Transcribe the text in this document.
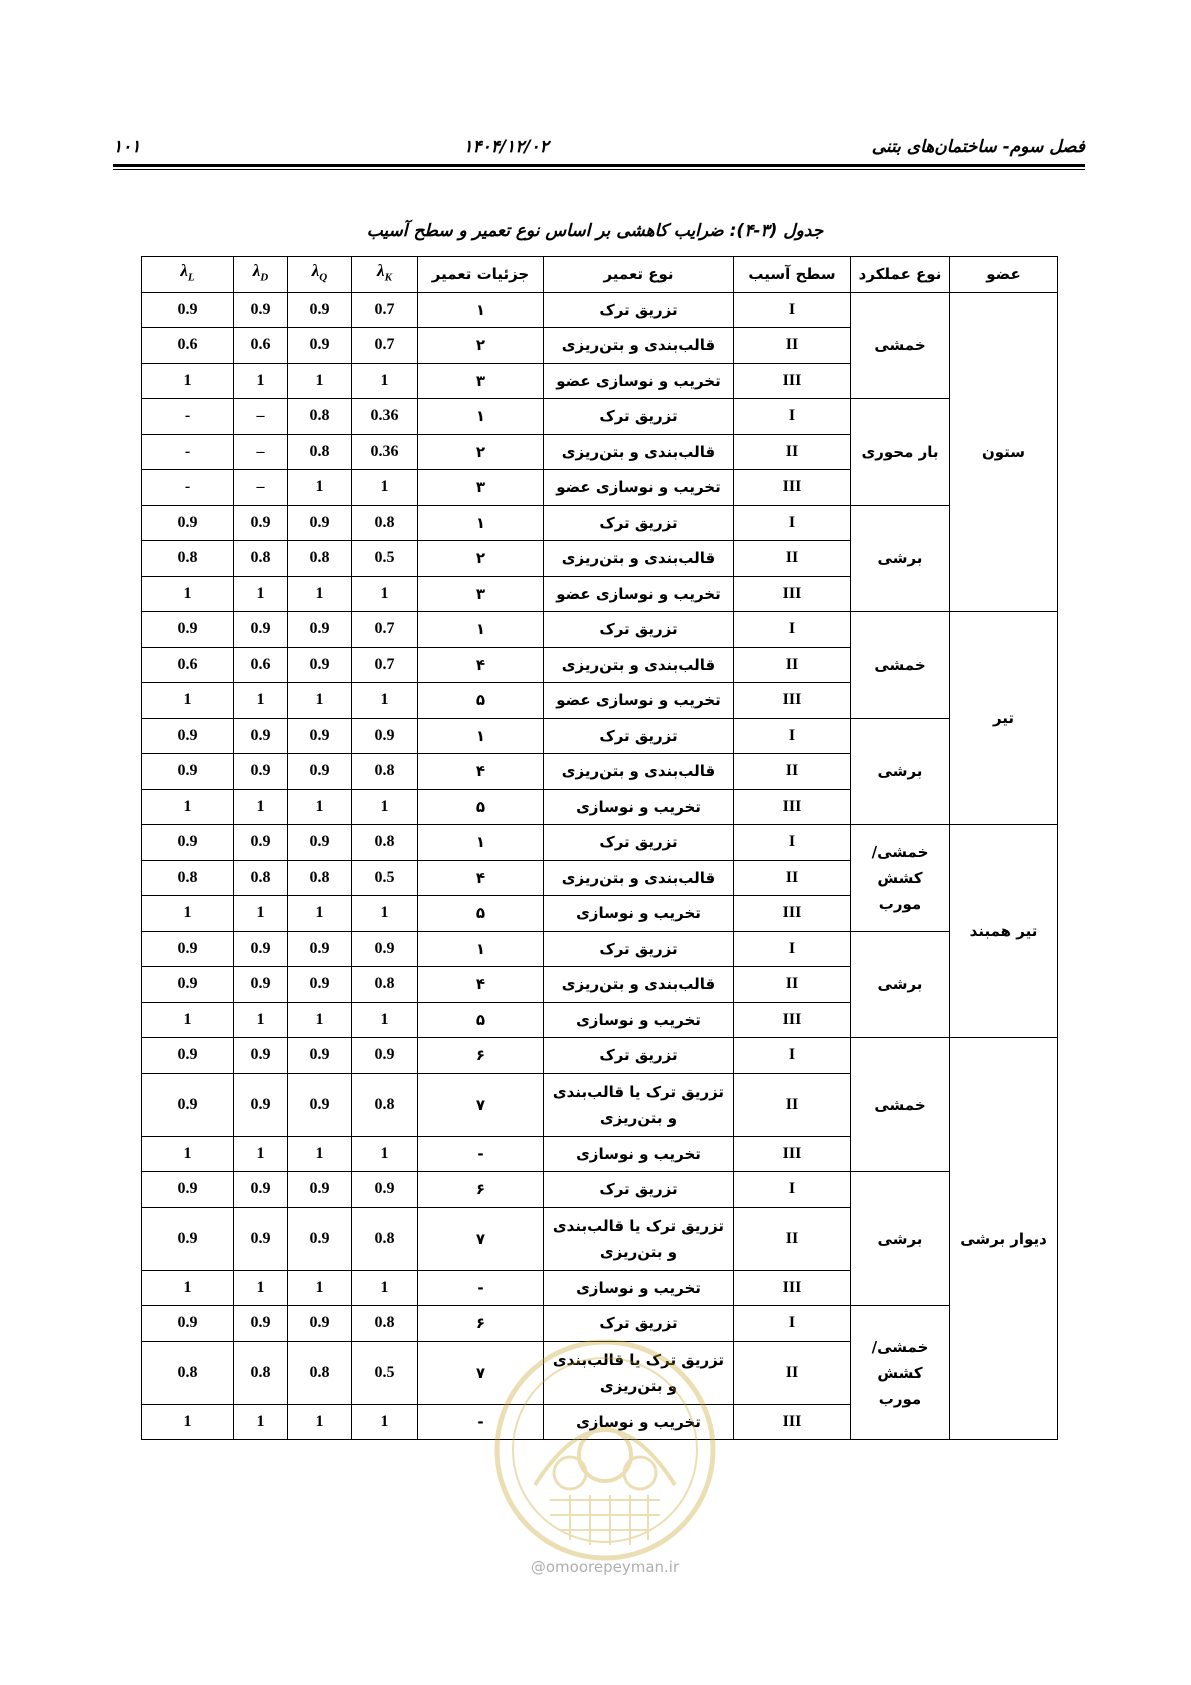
فصل سوم- ساختمان‌های بتنی
۱۴۰۴/۱۲/۰۲
۱۰۱
جدول (۳-۴): ضرایب کاهشی بر اساس نوع تعمیر و سطح آسیب
عضو	نوع عملکرد	سطح آسیب	نوع تعمیر	جزئیات تعمیر	$\lambda_K$	$\lambda_Q$	$\lambda_D$	$\lambda_L$
ستون	خمشی	I	تزریق ترک	۱	0.7	0.9	0.9	0.9
		II	قالب‌بندی و بتن‌ریزی	۲	0.7	0.9	0.6	0.6
		III	تخریب و نوسازی عضو	۳	1	1	1	1
	بار محوری	I	تزریق ترک	۱	0.36	0.8	–	-
		II	قالب‌بندی و بتن‌ریزی	۲	0.36	0.8	–	-
		III	تخریب و نوسازی عضو	۳	1	1	–	-
	برشی	I	تزریق ترک	۱	0.8	0.9	0.9	0.9
		II	قالب‌بندی و بتن‌ریزی	۲	0.5	0.8	0.8	0.8
		III	تخریب و نوسازی عضو	۳	1	1	1	1
تیر	خمشی	I	تزریق ترک	۱	0.7	0.9	0.9	0.9
		II	قالب‌بندی و بتن‌ریزی	۴	0.7	0.9	0.6	0.6
		III	تخریب و نوسازی عضو	۵	1	1	1	1
	برشی	I	تزریق ترک	۱	0.9	0.9	0.9	0.9
		II	قالب‌بندی و بتن‌ریزی	۴	0.8	0.9	0.9	0.9
		III	تخریب و نوسازی	۵	1	1	1	1
تیر همبند	خمشی/کشش مورب	I	تزریق ترک	۱	0.8	0.9	0.9	0.9
		II	قالب‌بندی و بتن‌ریزی	۴	0.5	0.8	0.8	0.8
		III	تخریب و نوسازی	۵	1	1	1	1
	برشی	I	تزریق ترک	۱	0.9	0.9	0.9	0.9
		II	قالب‌بندی و بتن‌ریزی	۴	0.8	0.9	0.9	0.9
		III	تخریب و نوسازی	۵	1	1	1	1
دیوار برشی	خمشی	I	تزریق ترک	۶	0.9	0.9	0.9	0.9
		II	تزریق ترک یا قالب‌بندی و بتن‌ریزی	۷	0.8	0.9	0.9	0.9
		III	تخریب و نوسازی	-	1	1	1	1
	برشی	I	تزریق ترک	۶	0.9	0.9	0.9	0.9
		II	تزریق ترک یا قالب‌بندی و بتن‌ریزی	۷	0.8	0.9	0.9	0.9
		III	تخریب و نوسازی	-	1	1	1	1
	خمشی/کشش مورب	I	تزریق ترک	۶	0.8	0.9	0.9	0.9
		II	تزریق ترک یا قالب‌بندی و بتن‌ریزی	۷	0.5	0.8	0.8	0.8
		III	تخریب و نوسازی	-	1	1	1	1
@omoorepeyman.ir
